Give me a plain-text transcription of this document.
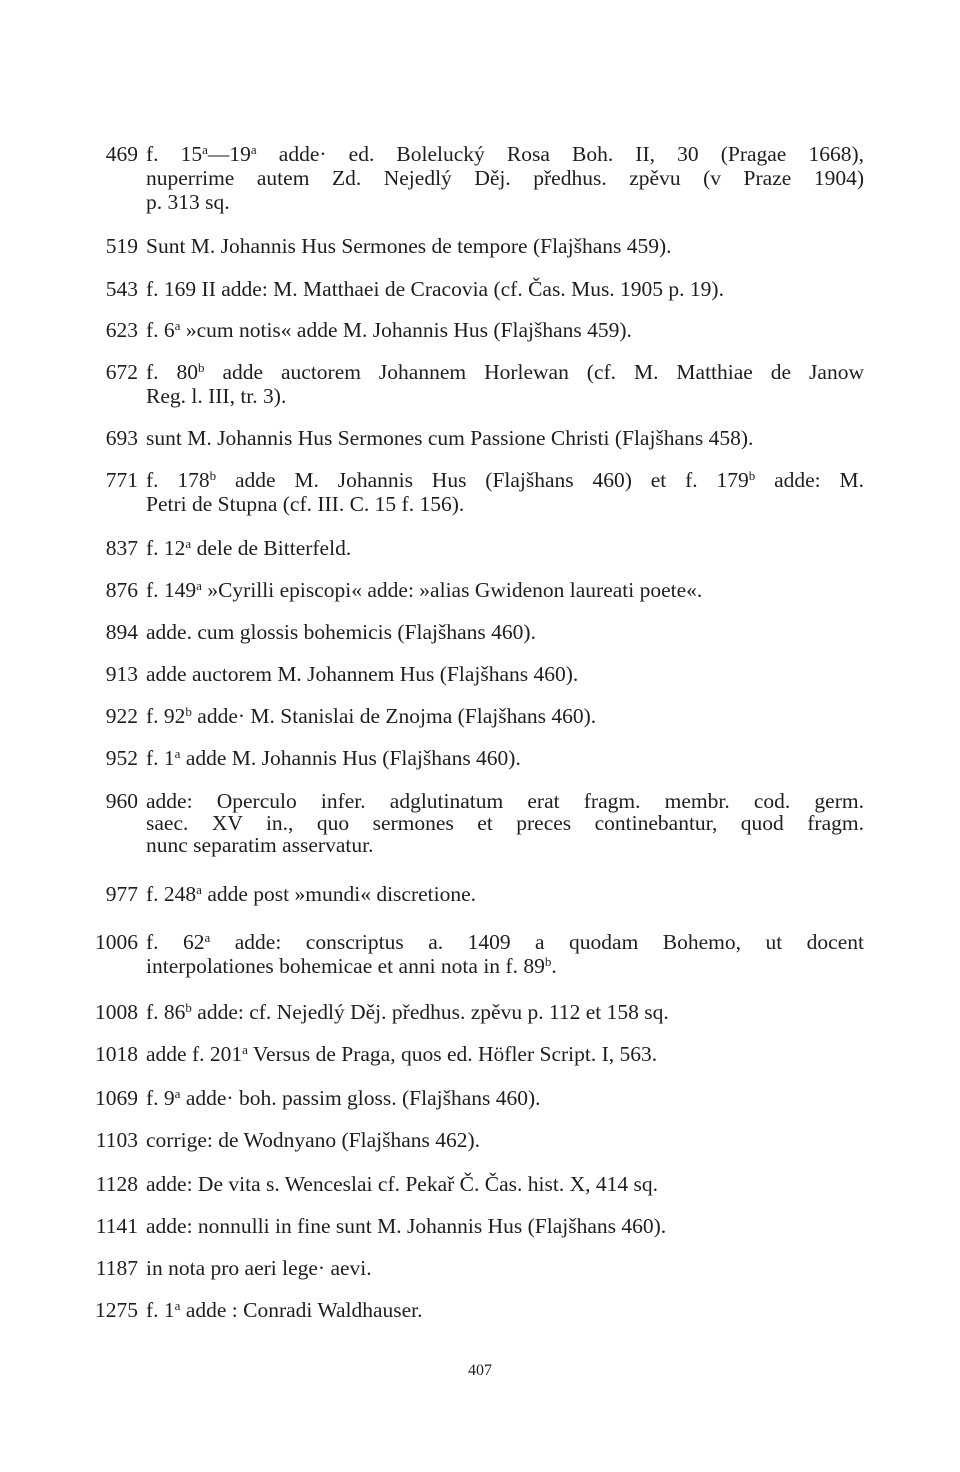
469 f. 15$^a$—19$^a$ adde· ed. Bolelucký Rosa Boh. II, 30 (Pragae 1668),
nuperrime autem Zd. Nejedlý Děj. předhus. zpěvu (v Praze 1904)
p. 313 sq.
519 Sunt M. Johannis Hus Sermones de tempore (Flajšhans 459).
543 f. 169 II adde: M. Matthaei de Cracovia (cf. Čas. Mus. 1905 p. 19).
623 f. 6$^a$ »cum notis« adde M. Johannis Hus (Flajšhans 459).
672 f. 80$^b$ adde auctorem Johannem Horlewan (cf. M. Matthiae de Janow
Reg. l. III, tr. 3).
693 sunt M. Johannis Hus Sermones cum Passione Christi (Flajšhans 458).
771 f. 178$^b$ adde M. Johannis Hus (Flajšhans 460) et f. 179$^b$ adde: M.
Petri de Stupna (cf. III. C. 15 f. 156).
837 f. 12$^a$ dele de Bitterfeld.
876 f. 149$^a$ »Cyrilli episcopi« adde: »alias Gwidenon laureati poete«.
894 adde. cum glossis bohemicis (Flajšhans 460).
913 adde auctorem M. Johannem Hus (Flajšhans 460).
922 f. 92$^b$ adde· M. Stanislai de Znojma (Flajšhans 460).
952 f. 1$^a$ adde M. Johannis Hus (Flajšhans 460).
960 adde: Operculo infer. adglutinatum erat fragm. membr. cod. germ.
saec. XV in., quo sermones et preces continebantur, quod fragm.
nunc separatim asservatur.
977 f. 248$^a$ adde post »mundi« discretione.
1006 f. 62$^a$ adde: conscriptus a. 1409 a quodam Bohemo, ut docent
interpolationes bohemicae et anni nota in f. 89$^b$.
1008 f. 86$^b$ adde: cf. Nejedlý Děj. předhus. zpěvu p. 112 et 158 sq.
1018 adde f. 201$^a$ Versus de Praga, quos ed. Höfler Script. I, 563.
1069 f. 9$^a$ adde· boh. passim gloss. (Flajšhans 460).
1103 corrige: de Wodnyano (Flajšhans 462).
1128 adde: De vita s. Wenceslai cf. Pekař Č. Čas. hist. X, 414 sq.
1141 adde: nonnulli in fine sunt M. Johannis Hus (Flajšhans 460).
1187 in nota pro aeri lege· aevi.
1275 f. 1$^a$ adde : Conradi Waldhauser.
407
